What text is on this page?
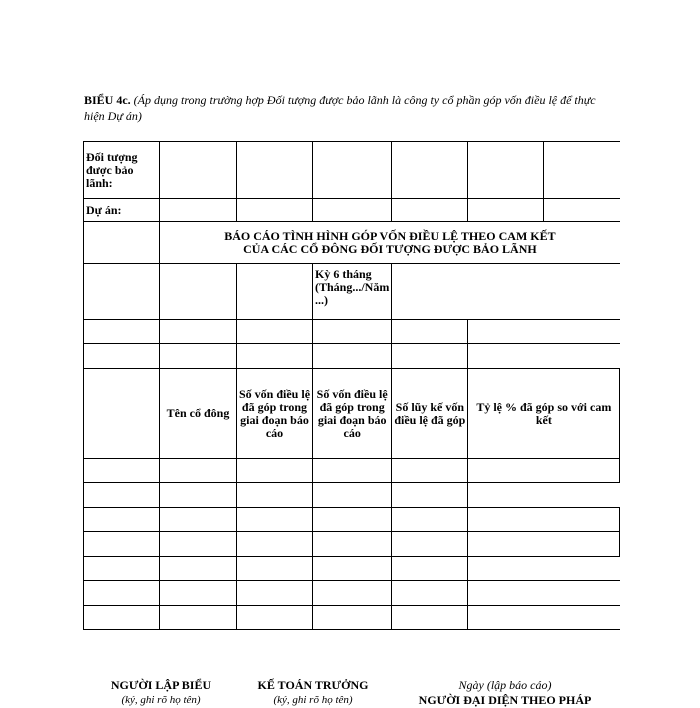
BIỂU 4c. (Áp dụng trong trường hợp Đối tượng được bảo lãnh là công ty cổ phần góp vốn điều lệ để thực hiện Dự án)
Đối tượng được bảo lãnh:						
Dự án:						

	BÁO CÁO TÌNH HÌNH GÓP VỐN ĐIỀU LỆ THEO CAM KẾT
CỦA CÁC CỔ ĐÔNG ĐỐI TƯỢNG ĐƯỢC BẢO LÃNH					

			Kỳ 6 tháng (Tháng.../Năm ...)			

	Tên cổ đông	Số vốn điều lệ đã góp trong giai đoạn báo cáo	Số vốn điều lệ đã góp trong giai đoạn báo cáo	Số lũy kế vốn điều lệ đã góp	Tỷ lệ % đã góp so với cam kết	

NGƯỜI LẬP BIỂU
(ký, ghi rõ họ tên)
KẾ TOÁN TRƯỞNG
(ký, ghi rõ họ tên)
Ngày (lập báo cáo)
NGƯỜI ĐẠI DIỆN THEO PHÁP
